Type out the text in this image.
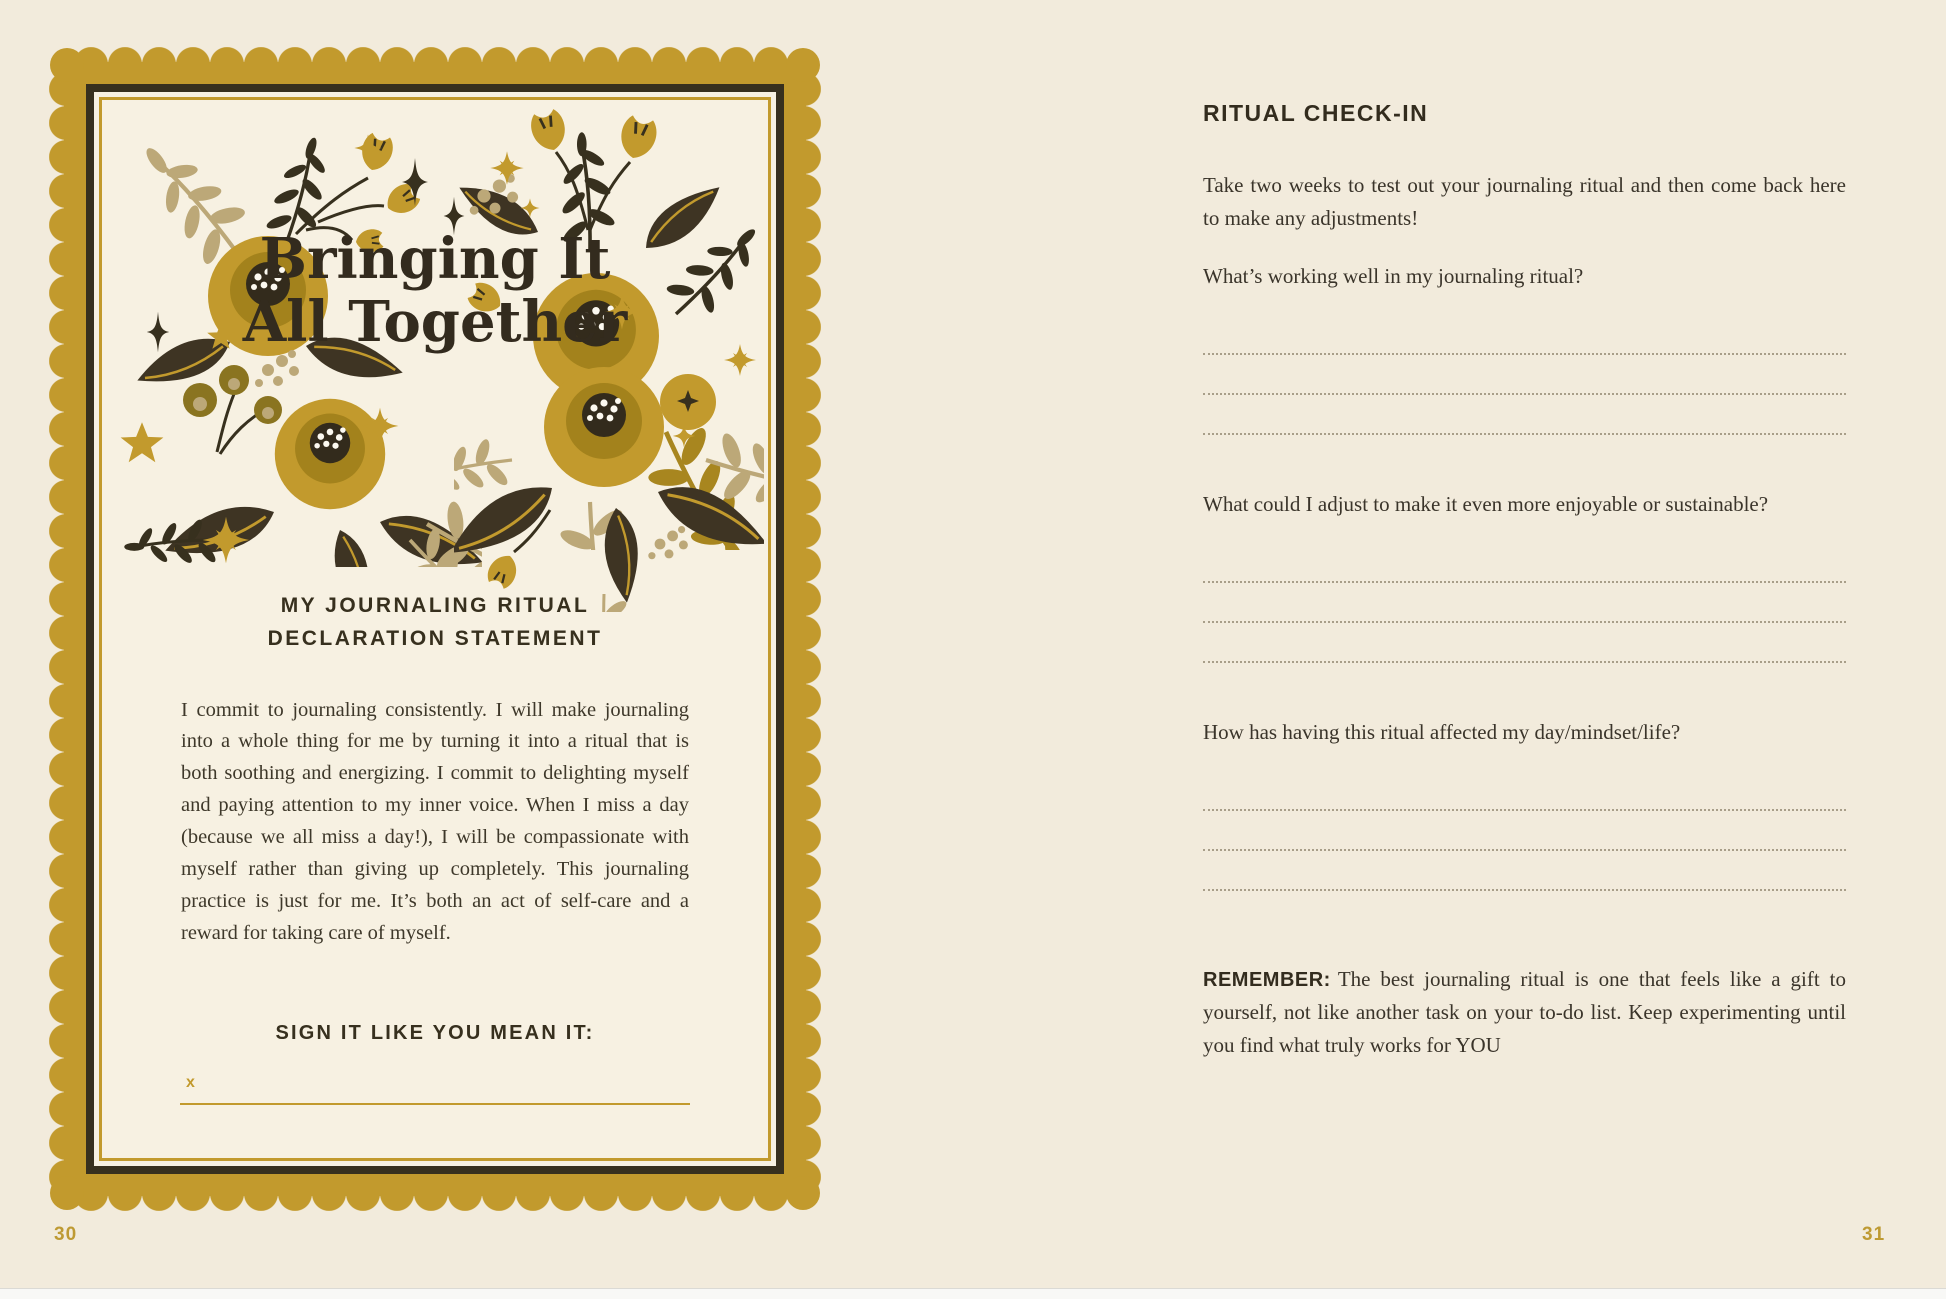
Bringing It
All Together
MY JOURNALING RITUAL
DECLARATION STATEMENT

I commit to journaling consistently. I will make journaling into a whole thing for me by turning it into a ritual that is both soothing and energizing. I commit to delighting myself and paying attention to my inner voice. When I miss a day (because we all miss a day!), I will be compassionate with myself rather than giving up completely. This journaling practice is just for me. It’s both an act of self-care and a reward for taking care of myself.

SIGN IT LIKE YOU MEAN IT:
x
RITUAL CHECK-IN

Take two weeks to test out your journaling ritual and then come back here to make any adjustments!

What’s working well in my journaling ritual?
What could I adjust to make it even more enjoyable or sustainable?
How has having this ritual affected my day/mindset/life?

REMEMBER: The best journaling ritual is one that feels like a gift to yourself, not like another task on your to-do list. Keep experimenting until you find what truly works for YOU

30	31
